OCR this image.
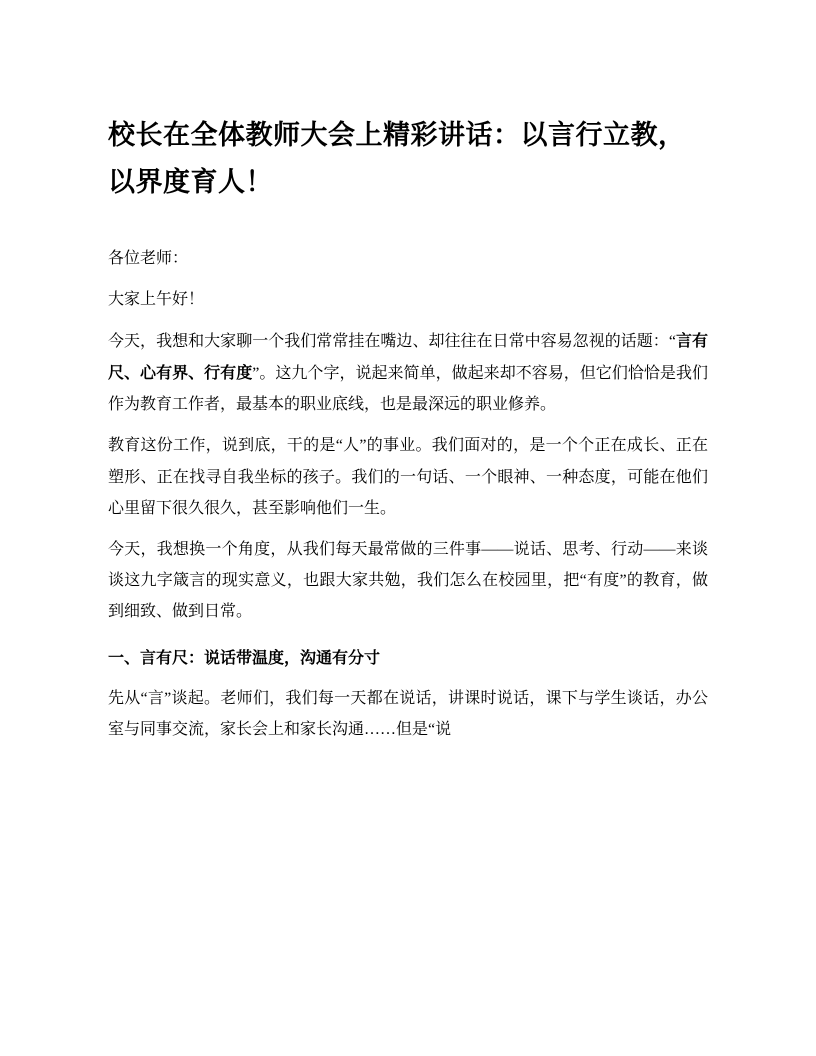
校长在全体教师大会上精彩讲话：以言行立教，以界度育人！

各位老师：

大家上午好！

今天，我想和大家聊一个我们常常挂在嘴边、却往往在日常中容易忽视的话题：“言有尺、心有界、行有度”。这九个字，说起来简单，做起来却不容易，但它们恰恰是我们作为教育工作者，最基本的职业底线，也是最深远的职业修养。

教育这份工作，说到底，干的是“人”的事业。我们面对的，是一个个正在成长、正在塑形、正在找寻自我坐标的孩子。我们的一句话、一个眼神、一种态度，可能在他们心里留下很久很久，甚至影响他们一生。

今天，我想换一个角度，从我们每天最常做的三件事——说话、思考、行动——来谈谈这九字箴言的现实意义，也跟大家共勉，我们怎么在校园里，把“有度”的教育，做到细致、做到日常。

一、言有尺：说话带温度，沟通有分寸

先从“言”谈起。老师们，我们每一天都在说话，讲课时说话，课下与学生谈话，办公室与同事交流，家长会上和家长沟通……但是“说
